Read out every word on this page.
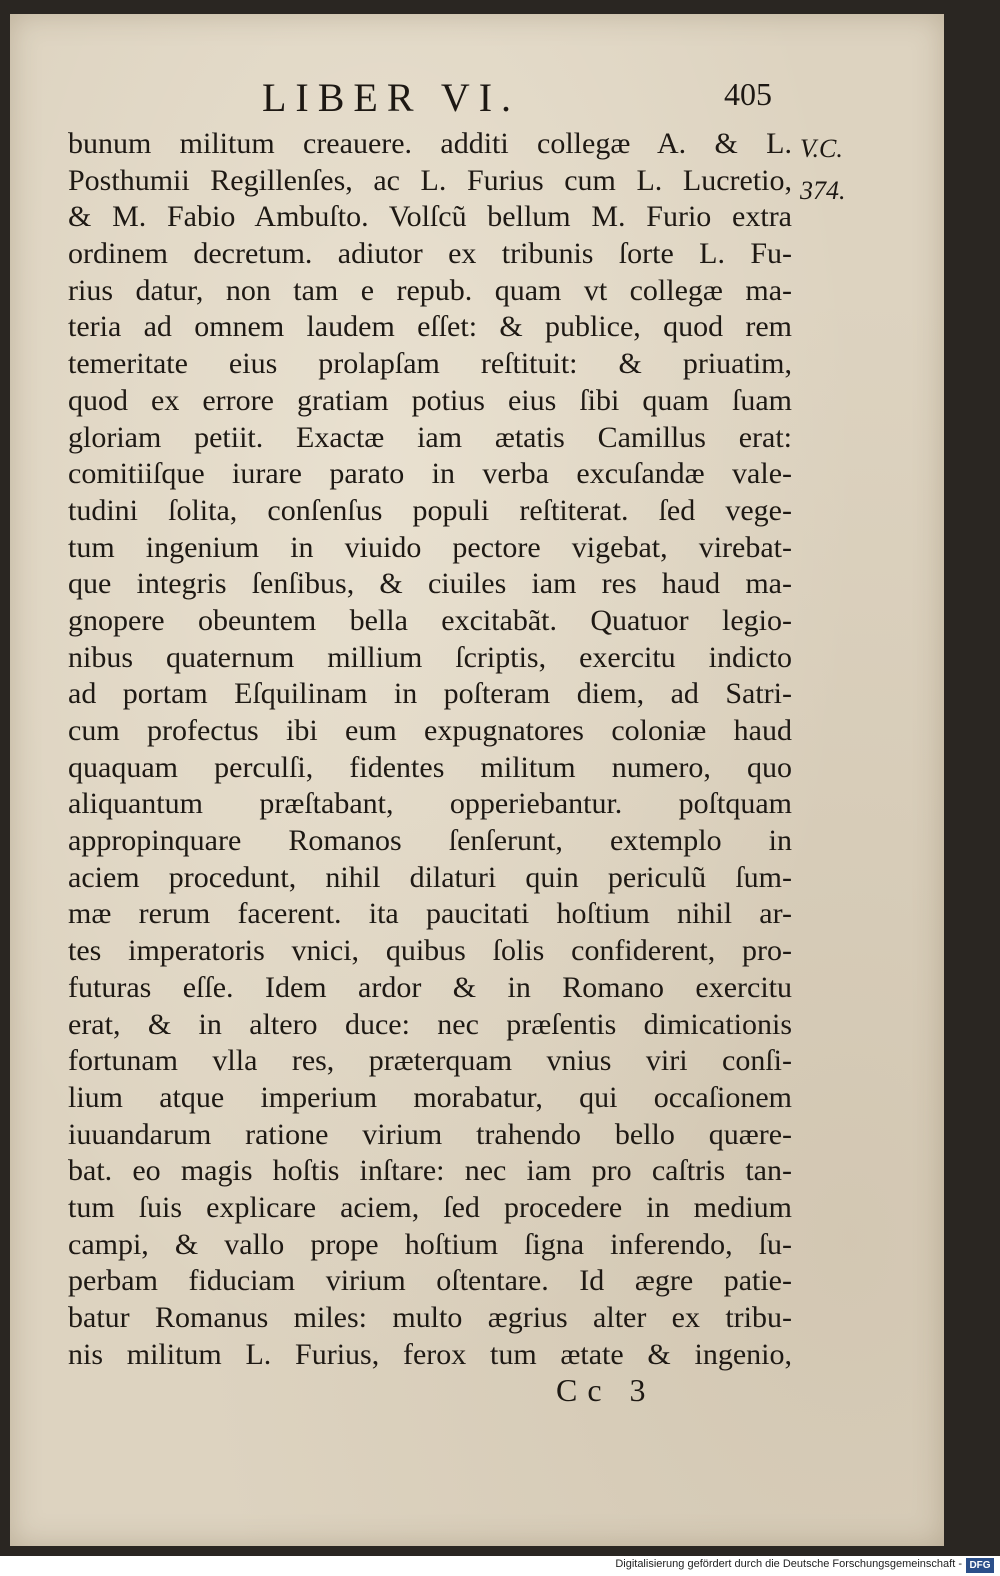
LIBER VI.	405
V.C.
374.
bunum militum creauere. additi collegæ A. & L.
Posthumii Regillenſes, ac L. Furius cum L. Lucretio,
& M. Fabio Ambuſto. Volſcũ bellum M. Furio extra
ordinem decretum. adiutor ex tribunis ſorte L. Fu-
rius datur, non tam e repub. quam vt collegæ ma-
teria ad omnem laudem eſſet: & publice, quod rem
temeritate eius prolapſam reſtituit: & priuatim,
quod ex errore gratiam potius eius ſibi quam ſuam
gloriam petiit. Exactæ iam ætatis Camillus erat:
comitiiſque iurare parato in verba excuſandæ vale-
tudini ſolita, conſenſus populi reſtiterat. ſed vege-
tum ingenium in viuido pectore vigebat, virebat-
que integris ſenſibus, & ciuiles iam res haud ma-
gnopere obeuntem bella excitabãt. Quatuor legio-
nibus quaternum millium ſcriptis, exercitu indicto
ad portam Eſquilinam in poſteram diem, ad Satri-
cum profectus ibi eum expugnatores coloniæ haud
quaquam perculſi, fidentes militum numero, quo
aliquantum præſtabant, opperiebantur. poſtquam
appropinquare Romanos ſenſerunt, extemplo in
aciem procedunt, nihil dilaturi quin periculũ ſum-
mæ rerum facerent. ita paucitati hoſtium nihil ar-
tes imperatoris vnici, quibus ſolis confiderent, pro-
futuras eſſe. Idem ardor & in Romano exercitu
erat, & in altero duce: nec præſentis dimicationis
fortunam vlla res, præterquam vnius viri conſi-
lium atque imperium morabatur, qui occaſionem
iuuandarum ratione virium trahendo bello quære-
bat. eo magis hoſtis inſtare: nec iam pro caſtris tan-
tum ſuis explicare aciem, ſed procedere in medium
campi, & vallo prope hoſtium ſigna inferendo, ſu-
perbam fiduciam virium oſtentare. Id ægre patie-
batur Romanus miles: multo ægrius alter ex tribu-
nis militum L. Furius, ferox tum ætate & ingenio,
Cc 3
Digitalisierung gefördert durch die Deutsche Forschungsgemeinschaft - DFG
